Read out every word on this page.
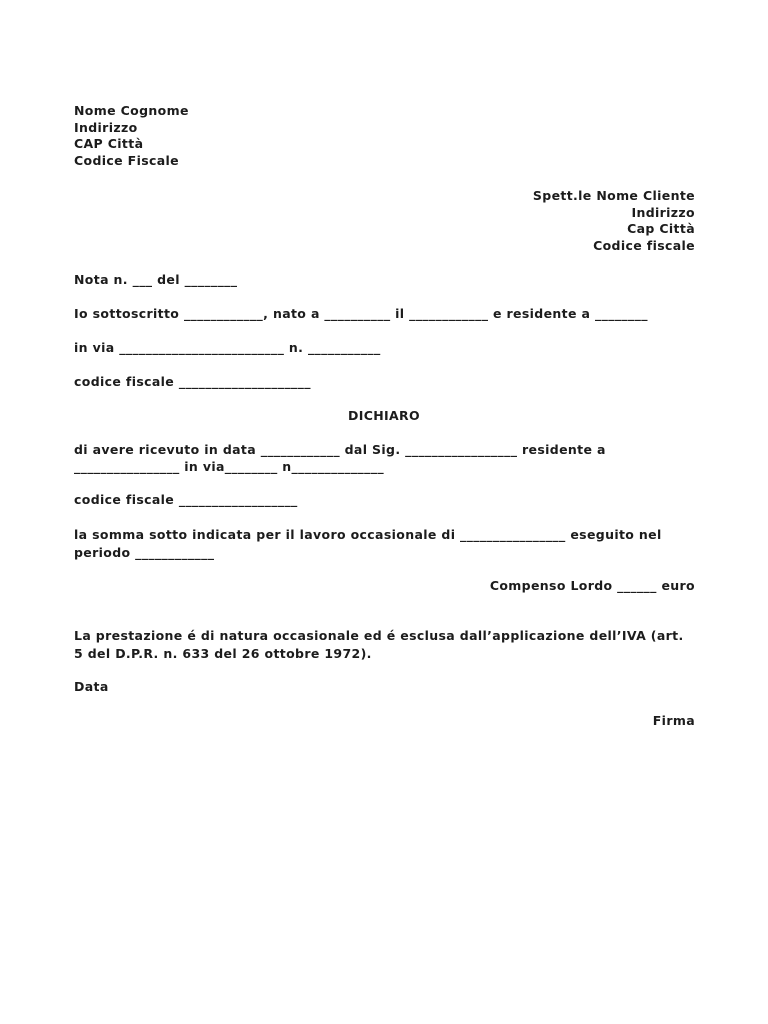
Nome Cognome
Indirizzo
CAP Città
Codice Fiscale
Spett.le Nome Cliente
Indirizzo
Cap Città
Codice fiscale
Nota n. ___ del ________
Io sottoscritto ____________, nato a __________ il ____________ e residente a ________
in via _________________________ n. ___________
codice fiscale ____________________
DICHIARO
di avere ricevuto in data ____________ dal Sig. _________________ residente a
________________ in via________ n______________
codice fiscale __________________
la somma sotto indicata per il lavoro occasionale di ________________ eseguito nel
periodo ____________
Compenso Lordo ______ euro
La prestazione é di natura occasionale ed é esclusa dall’applicazione dell’IVA (art.
5 del D.P.R. n. 633 del 26 ottobre 1972).
Data
Firma
